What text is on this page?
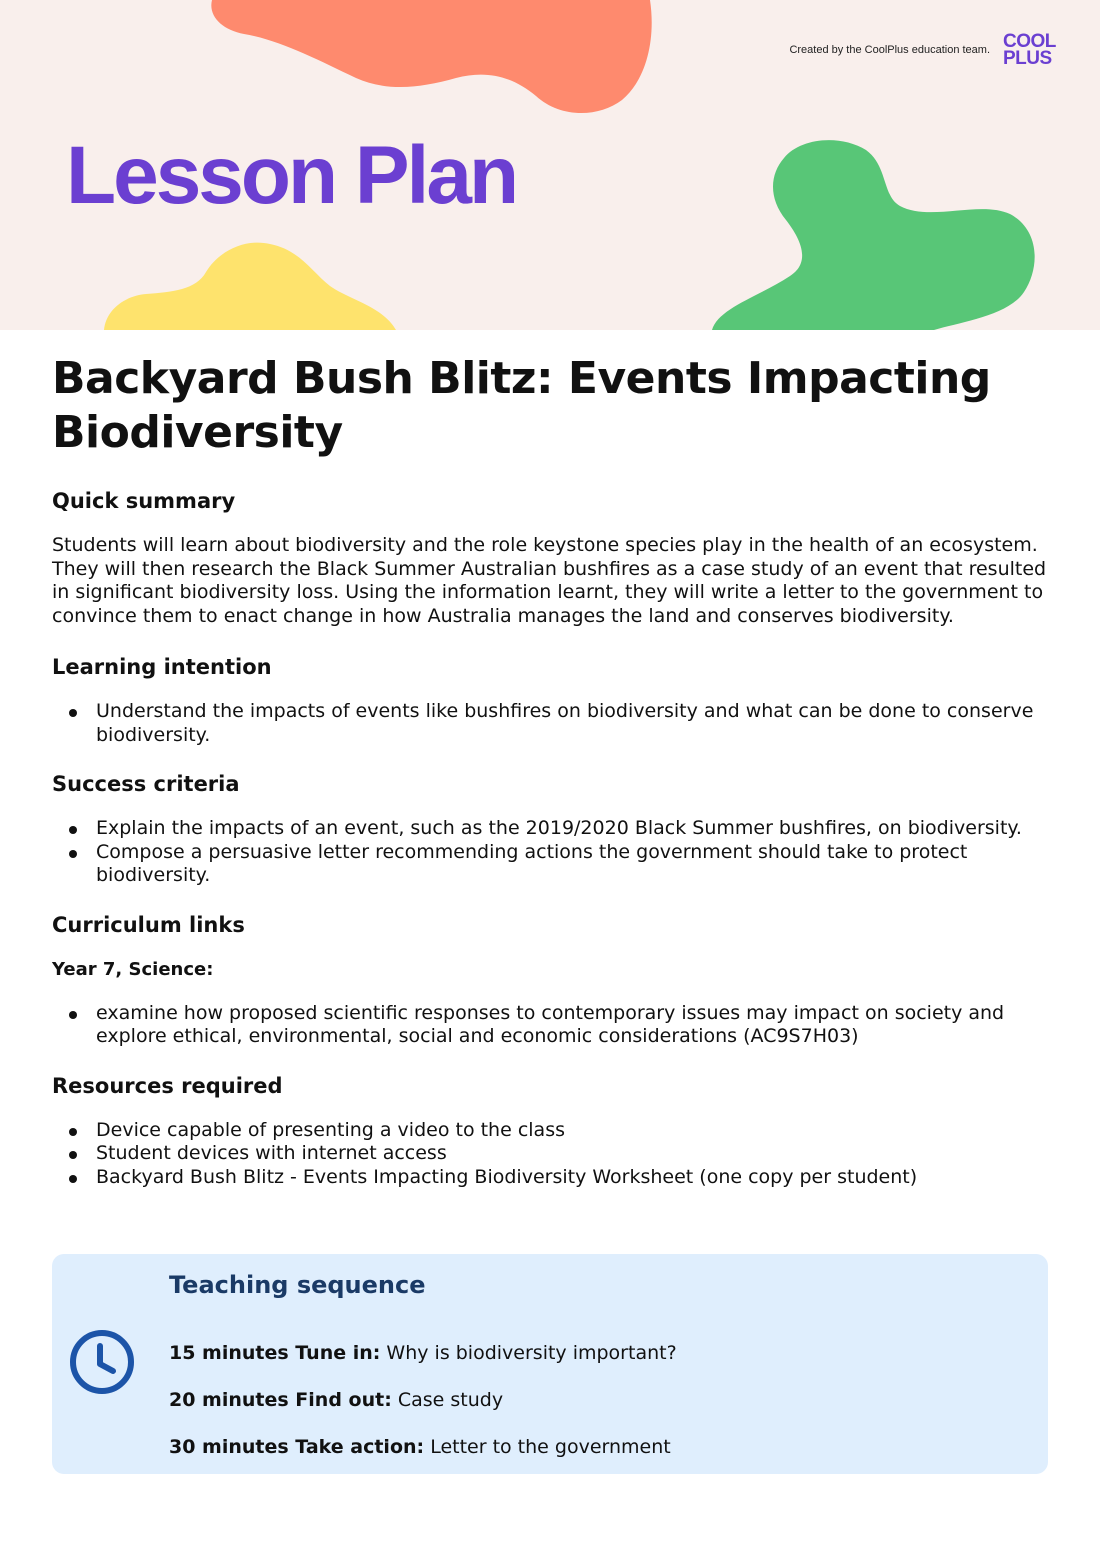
Created by the CoolPlus education team. COOL
PLUS
Lesson Plan
Backyard Bush Blitz: Events Impacting Biodiversity
Quick summary

Students will learn about biodiversity and the role keystone species play in the health of an ecosystem. They will then research the Black Summer Australian bushfires as a case study of an event that resulted in significant biodiversity loss. Using the information learnt, they will write a letter to the government to convince them to enact change in how Australia manages the land and conserves biodiversity.

Learning intention
Understand the impacts of events like bushfires on biodiversity and what can be done to conserve biodiversity.
Success criteria
Explain the impacts of an event, such as the 2019/2020 Black Summer bushfires, on biodiversity.
Compose a persuasive letter recommending actions the government should take to protect biodiversity.
Curriculum links
Year 7, Science:
examine how proposed scientific responses to contemporary issues may impact on society and explore ethical, environmental, social and economic considerations (AC9S7H03)
Resources required
Device capable of presenting a video to the class
Student devices with internet access
Backyard Bush Blitz - Events Impacting Biodiversity Worksheet (one copy per student)
Teaching sequence
15 minutes Tune in: Why is biodiversity important?
20 minutes Find out: Case study
30 minutes Take action: Letter to the government
